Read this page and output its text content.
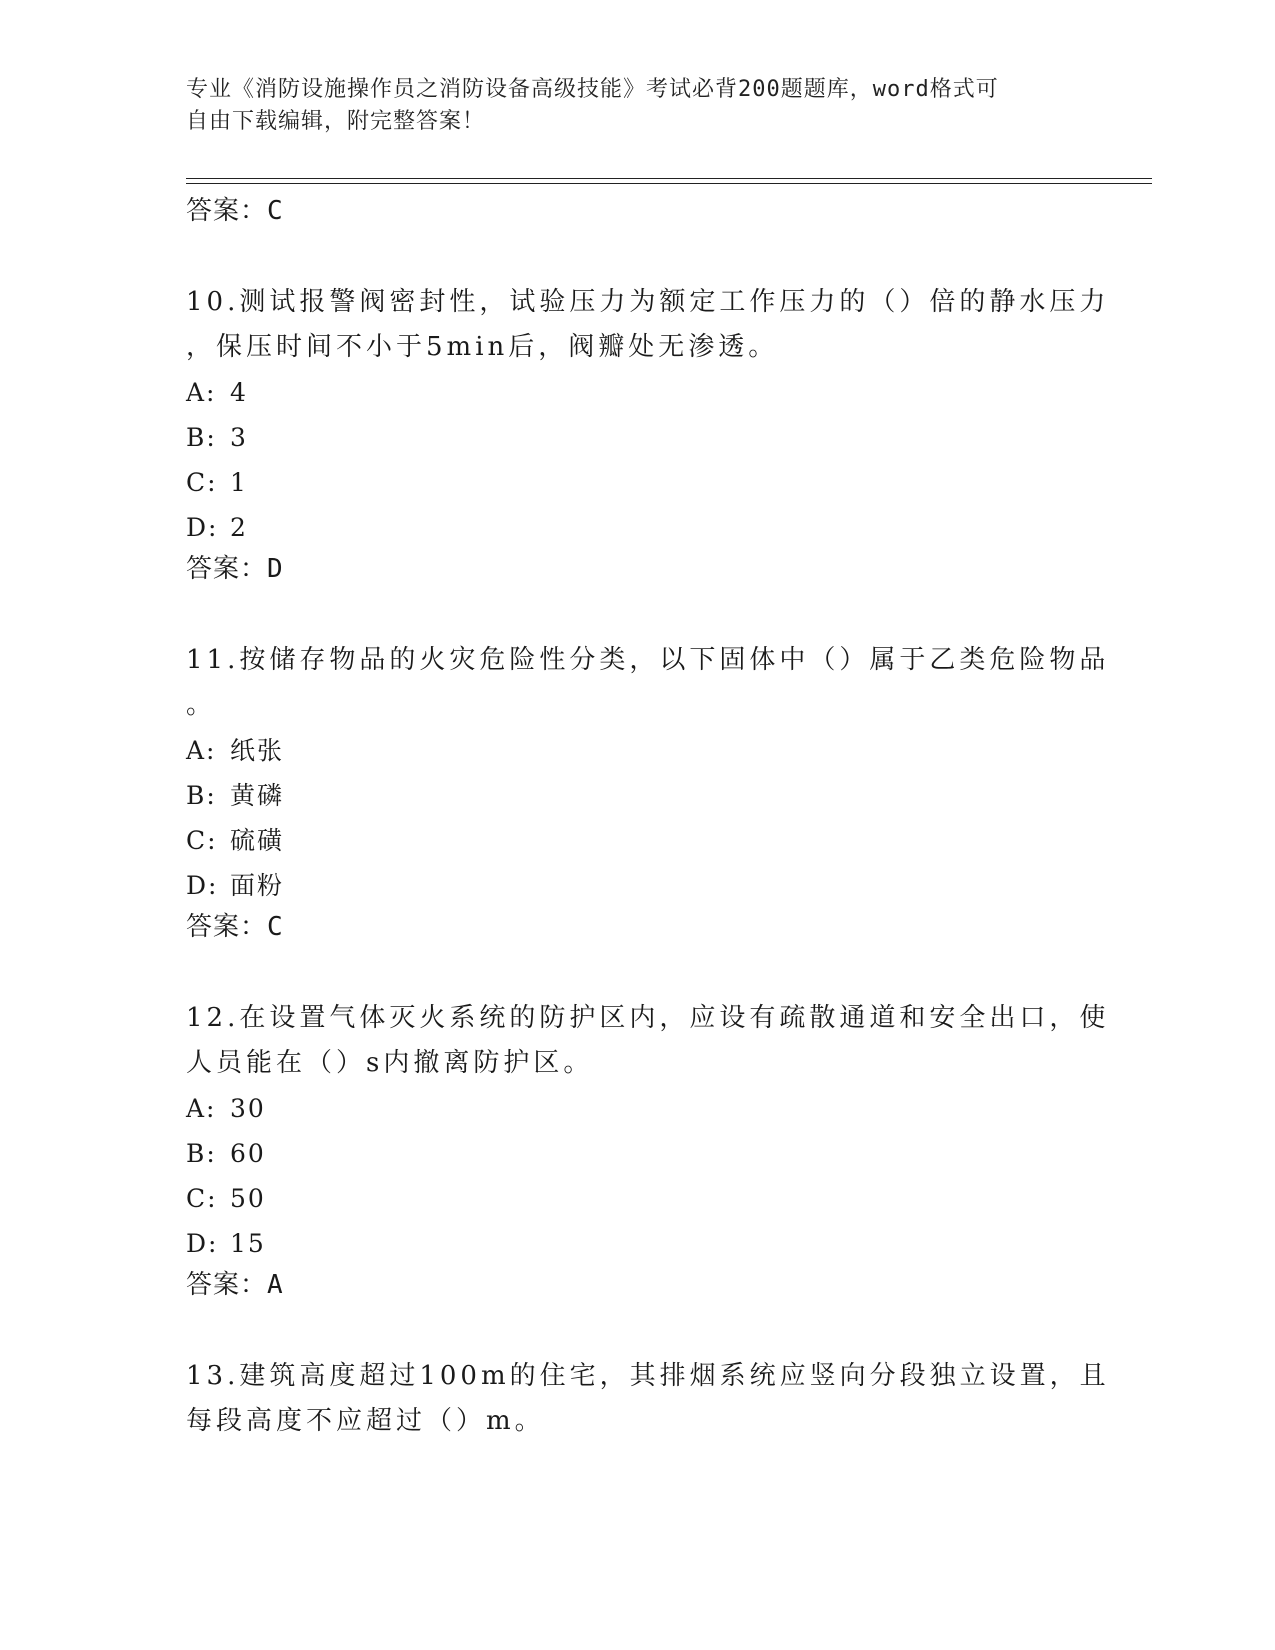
专业《消防设施操作员之消防设备高级技能》考试必背200题题库，word格式可
自由下载编辑，附完整答案！
答案：C
10.测试报警阀密封性，试验压力为额定工作压力的（）倍的静水压力
，保压时间不小于5min后，阀瓣处无渗透。
A: 4
B: 3
C: 1
D: 2
答案：D
11.按储存物品的火灾危险性分类，以下固体中（）属于乙类危险物品
。
A: 纸张
B: 黄磷
C: 硫磺
D: 面粉
答案：C
12.在设置气体灭火系统的防护区内，应设有疏散通道和安全出口，使
人员能在（）s内撤离防护区。
A: 30
B: 60
C: 50
D: 15
答案：A
13.建筑高度超过100m的住宅，其排烟系统应竖向分段独立设置，且
每段高度不应超过（）m。
